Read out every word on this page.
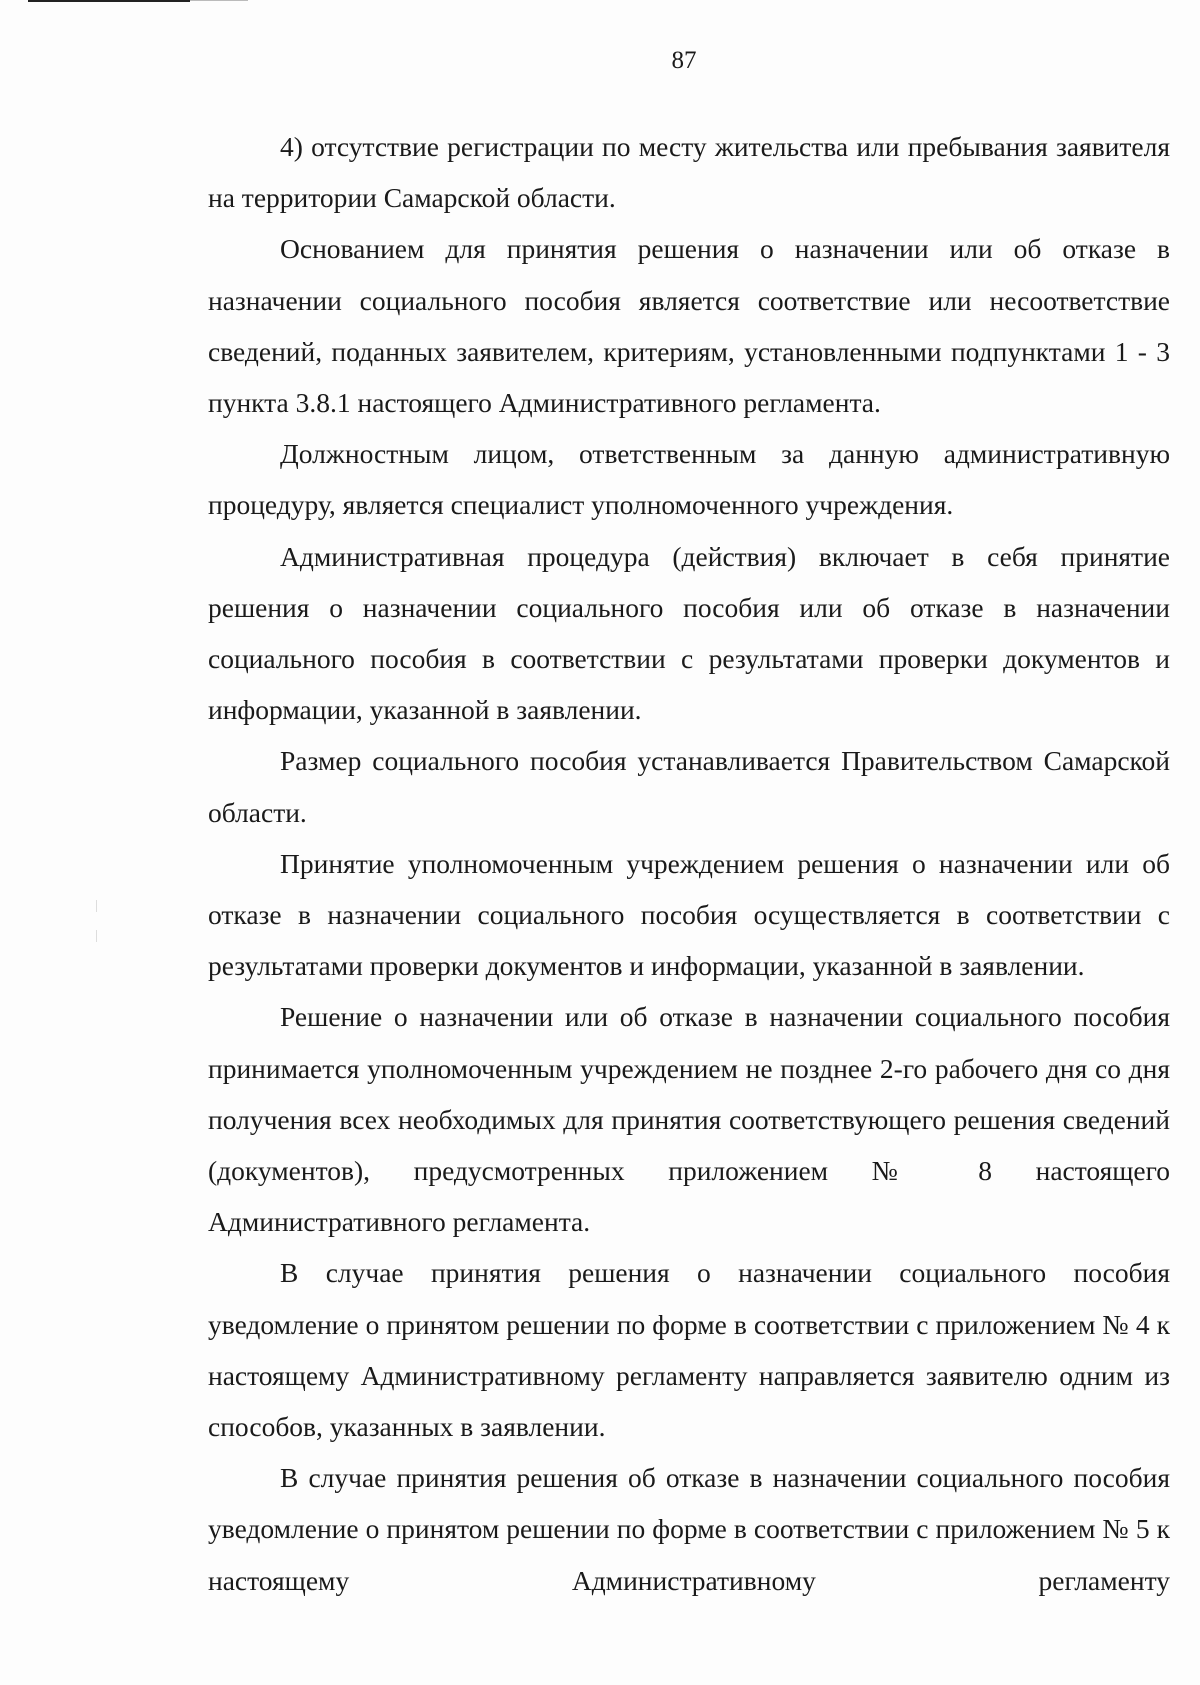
87

4) отсутствие регистрации по месту жительства или пребывания заявителя на территории Самарской области.

Основанием для принятия решения о назначении или об отказе в назначении социального пособия является соответствие или несоответствие сведений, поданных заявителем, критериям, установленными подпунктами 1 - 3 пункта 3.8.1 настоящего Административного регламента.

Должностным лицом, ответственным за данную административную процедуру, является специалист уполномоченного учреждения.

Административная процедура (действия) включает в себя принятие решения о назначении социального пособия или об отказе в назначении социального пособия в соответствии с результатами проверки документов и информации, указанной в заявлении.

Размер социального пособия устанавливается Правительством Самарской области.

Принятие уполномоченным учреждением решения о назначении или об отказе в назначении социального пособия осуществляется в соответствии с результатами проверки документов и информации, указанной в заявлении.

Решение о назначении или об отказе в назначении социального пособия принимается уполномоченным учреждением не позднее 2-го рабочего дня со дня получения всех необходимых для принятия соответствующего решения сведений (документов), предусмотренных приложением № 8 настоящего Административного регламента.

В случае принятия решения о назначении социального пособия уведомление о принятом решении по форме в соответствии с приложением № 4 к настоящему Административному регламенту направляется заявителю одним из способов, указанных в заявлении.

В случае принятия решения об отказе в назначении социального пособия уведомление о принятом решении по форме в соответствии с приложением № 5 к настоящему Административному регламенту
